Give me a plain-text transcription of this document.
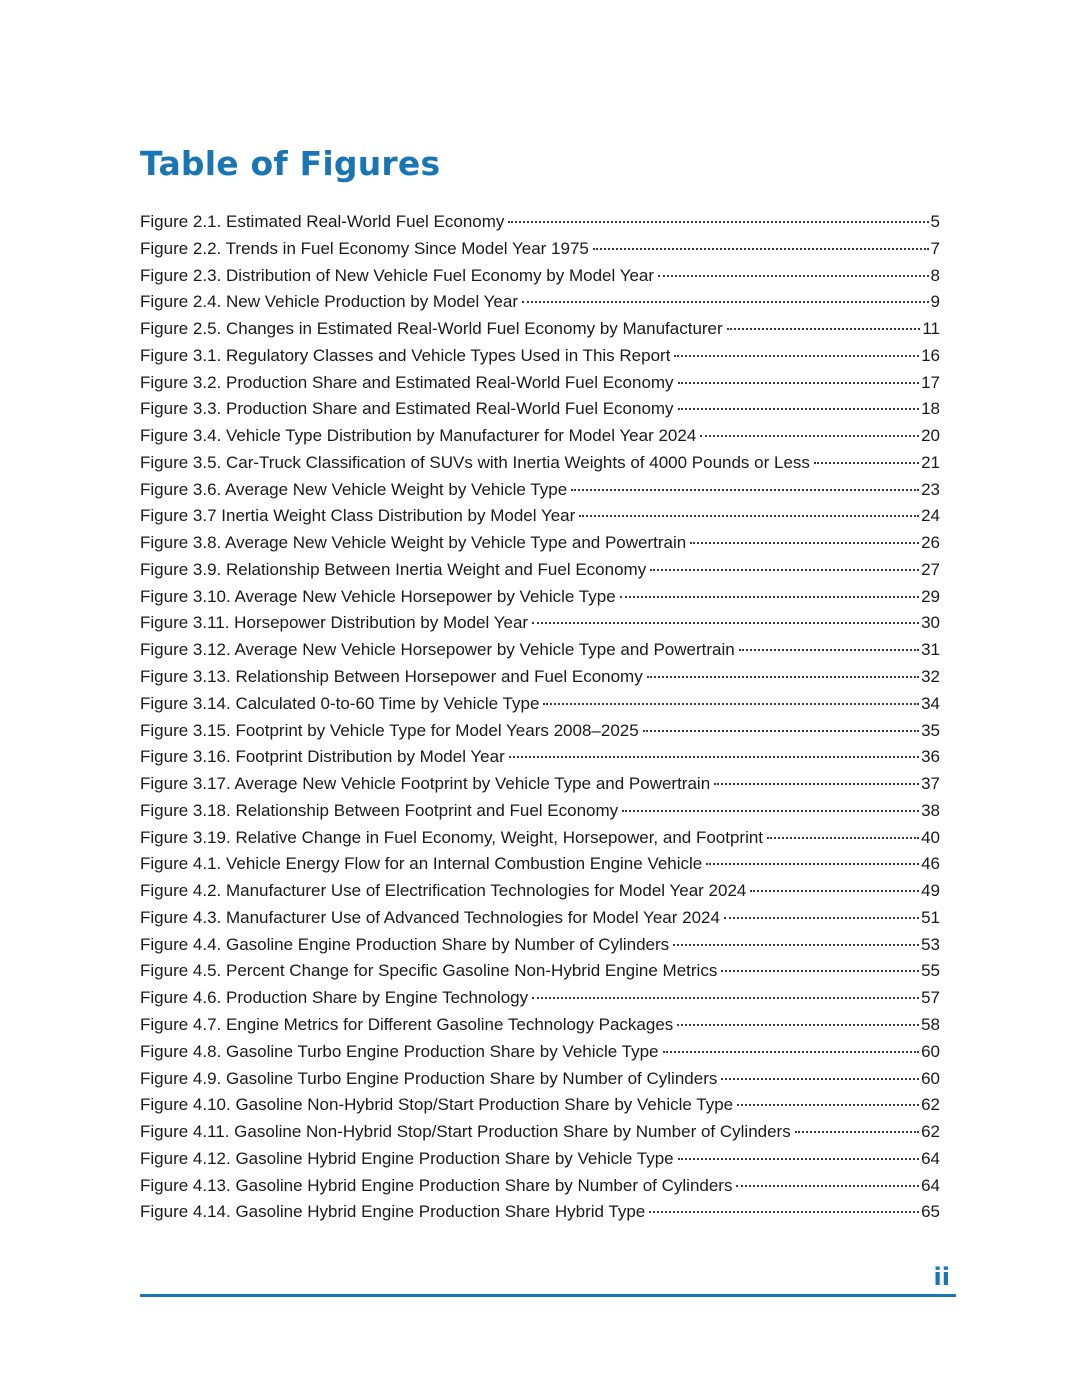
Table of Figures
Figure 2.1. Estimated Real-World Fuel Economy	5
Figure 2.2. Trends in Fuel Economy Since Model Year 1975	7
Figure 2.3. Distribution of New Vehicle Fuel Economy by Model Year	8
Figure 2.4. New Vehicle Production by Model Year	9
Figure 2.5. Changes in Estimated Real-World Fuel Economy by Manufacturer	11
Figure 3.1. Regulatory Classes and Vehicle Types Used in This Report	16
Figure 3.2. Production Share and Estimated Real-World Fuel Economy	17
Figure 3.3. Production Share and Estimated Real-World Fuel Economy	18
Figure 3.4. Vehicle Type Distribution by Manufacturer for Model Year 2024	20
Figure 3.5. Car-Truck Classification of SUVs with Inertia Weights of 4000 Pounds or Less	21
Figure 3.6. Average New Vehicle Weight by Vehicle Type	23
Figure 3.7 Inertia Weight Class Distribution by Model Year	24
Figure 3.8. Average New Vehicle Weight by Vehicle Type and Powertrain	26
Figure 3.9. Relationship Between Inertia Weight and Fuel Economy	27
Figure 3.10. Average New Vehicle Horsepower by Vehicle Type	29
Figure 3.11. Horsepower Distribution by Model Year	30
Figure 3.12. Average New Vehicle Horsepower by Vehicle Type and Powertrain	31
Figure 3.13. Relationship Between Horsepower and Fuel Economy	32
Figure 3.14. Calculated 0-to-60 Time by Vehicle Type	34
Figure 3.15. Footprint by Vehicle Type for Model Years 2008–2025	35
Figure 3.16. Footprint Distribution by Model Year	36
Figure 3.17. Average New Vehicle Footprint by Vehicle Type and Powertrain	37
Figure 3.18. Relationship Between Footprint and Fuel Economy	38
Figure 3.19. Relative Change in Fuel Economy, Weight, Horsepower, and Footprint	40
Figure 4.1. Vehicle Energy Flow for an Internal Combustion Engine Vehicle	46
Figure 4.2. Manufacturer Use of Electrification Technologies for Model Year 2024	49
Figure 4.3. Manufacturer Use of Advanced Technologies for Model Year 2024	51
Figure 4.4. Gasoline Engine Production Share by Number of Cylinders	53
Figure 4.5. Percent Change for Specific Gasoline Non-Hybrid Engine Metrics	55
Figure 4.6. Production Share by Engine Technology	57
Figure 4.7. Engine Metrics for Different Gasoline Technology Packages	58
Figure 4.8. Gasoline Turbo Engine Production Share by Vehicle Type	60
Figure 4.9. Gasoline Turbo Engine Production Share by Number of Cylinders	60
Figure 4.10. Gasoline Non-Hybrid Stop/Start Production Share by Vehicle Type	62
Figure 4.11. Gasoline Non-Hybrid Stop/Start Production Share by Number of Cylinders	62
Figure 4.12. Gasoline Hybrid Engine Production Share by Vehicle Type	64
Figure 4.13. Gasoline Hybrid Engine Production Share by Number of Cylinders	64
Figure 4.14. Gasoline Hybrid Engine Production Share Hybrid Type	65
ii
